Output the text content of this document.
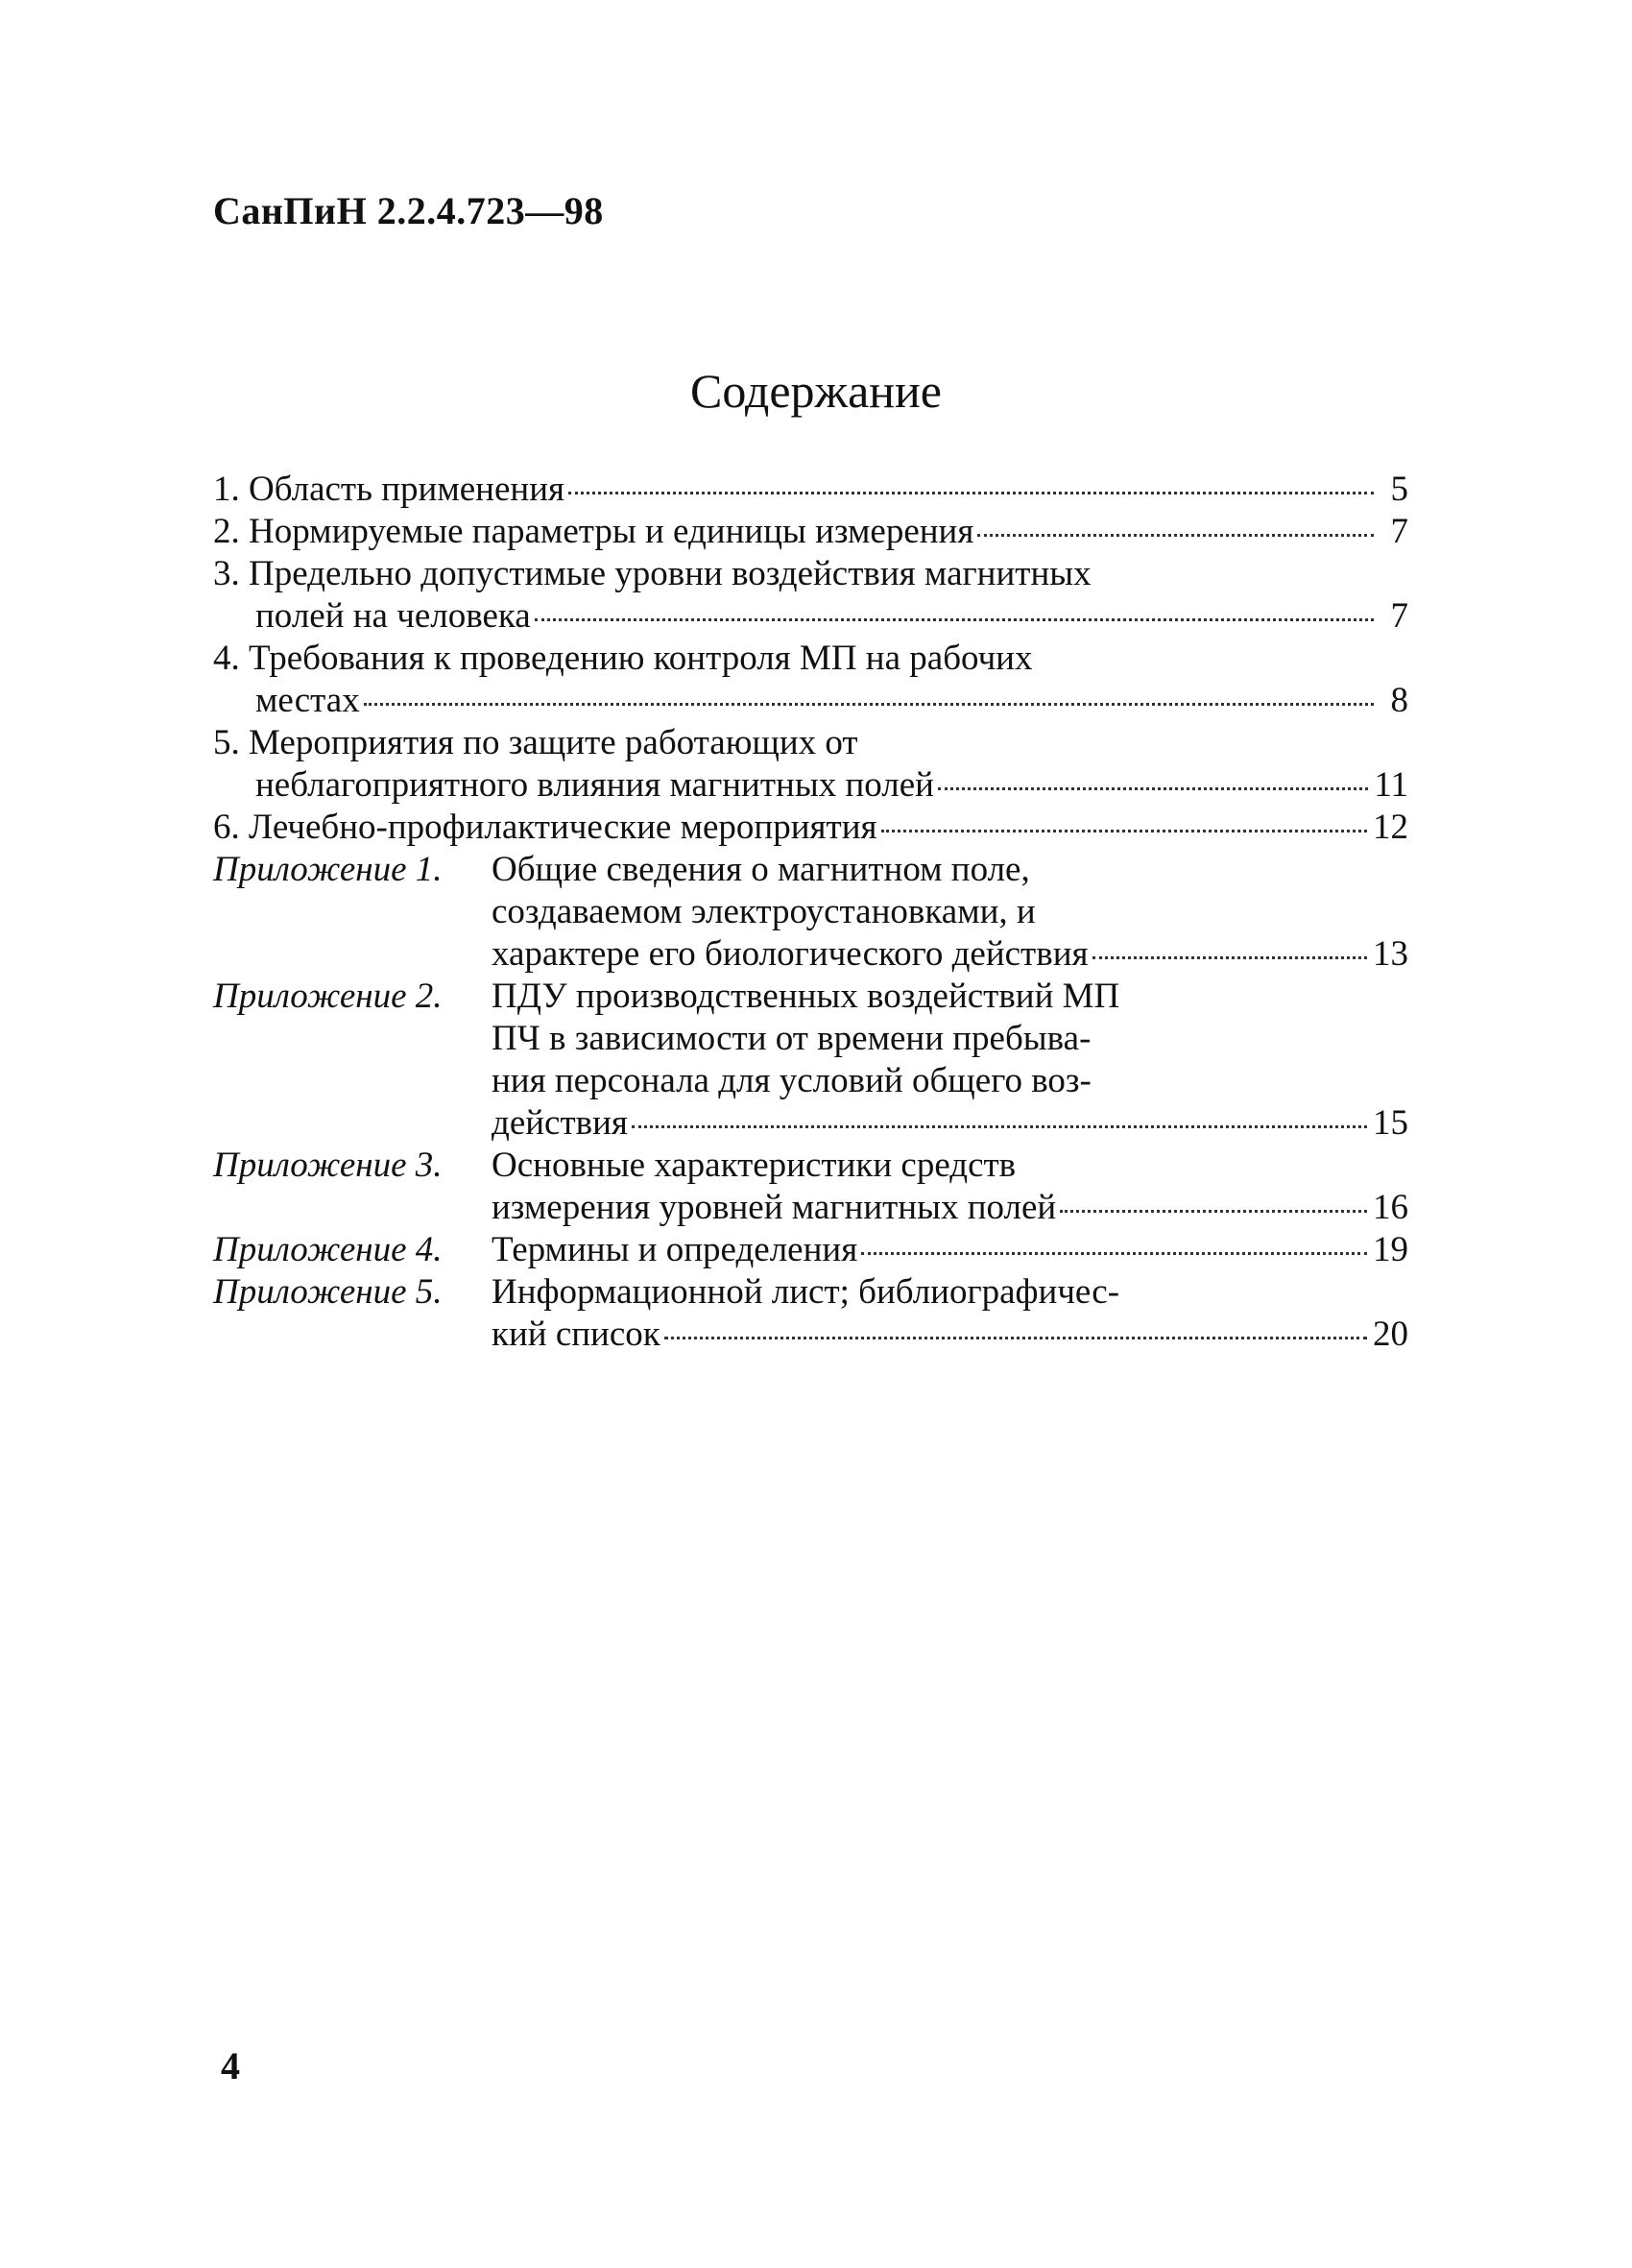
СанПиН 2.2.4.723—98
Содержание
1. Область применения	5
2. Нормируемые параметры и единицы измерения	7
3. Предельно допустимые уровни воздействия магнитных
полей на человека	7
4. Требования к проведению контроля МП на рабочих
местах	8
5. Мероприятия по защите работающих от
неблагоприятного влияния магнитных полей	11
6. Лечебно-профилактические мероприятия	12
Приложение 1.	Общие сведения о магнитном поле,
создаваемом электроустановками, и
характере его биологического действия	13
Приложение 2.	ПДУ производственных воздействий МП
ПЧ в зависимости от времени пребыва-
ния персонала для условий общего воз-
действия	15
Приложение 3.	Основные характеристики средств
измерения уровней магнитных полей	16
Приложение 4.	Термины и определения	19
Приложение 5.	Информационной лист; библиографичес-
кий список	20
4
